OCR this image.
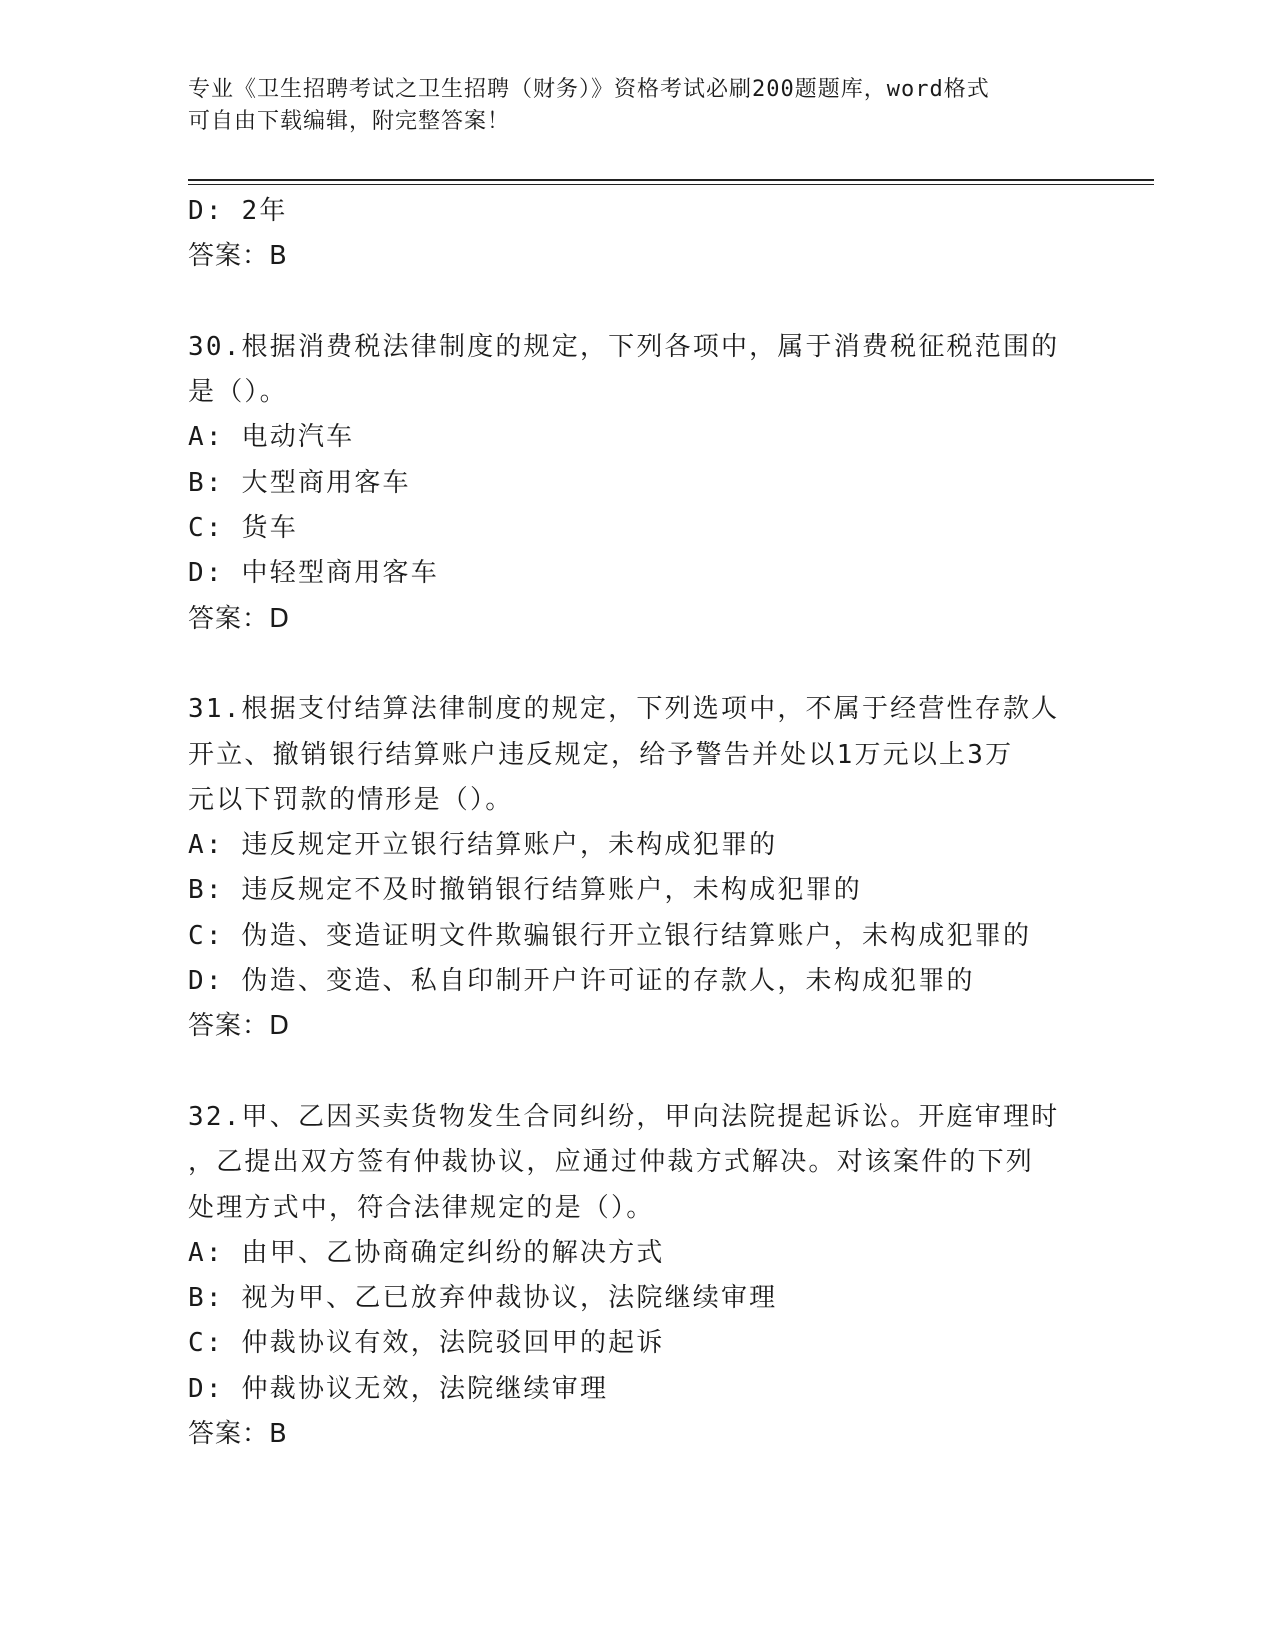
专业《卫生招聘考试之卫生招聘（财务）》资格考试必刷200题题库，word格式
可自由下载编辑，附完整答案！
D: 2年
答案：B
30.根据消费税法律制度的规定，下列各项中，属于消费税征税范围的
是（）。
A: 电动汽车
B: 大型商用客车
C: 货车
D: 中轻型商用客车
答案：D
31.根据支付结算法律制度的规定，下列选项中，不属于经营性存款人
开立、撤销银行结算账户违反规定，给予警告并处以1万元以上3万
元以下罚款的情形是（）。
A: 违反规定开立银行结算账户，未构成犯罪的
B: 违反规定不及时撤销银行结算账户，未构成犯罪的
C: 伪造、变造证明文件欺骗银行开立银行结算账户，未构成犯罪的
D: 伪造、变造、私自印制开户许可证的存款人，未构成犯罪的
答案：D
32.甲、乙因买卖货物发生合同纠纷，甲向法院提起诉讼。开庭审理时
，乙提出双方签有仲裁协议，应通过仲裁方式解决。对该案件的下列
处理方式中，符合法律规定的是（）。
A: 由甲、乙协商确定纠纷的解决方式
B: 视为甲、乙已放弃仲裁协议，法院继续审理
C: 仲裁协议有效，法院驳回甲的起诉
D: 仲裁协议无效，法院继续审理
答案：B
